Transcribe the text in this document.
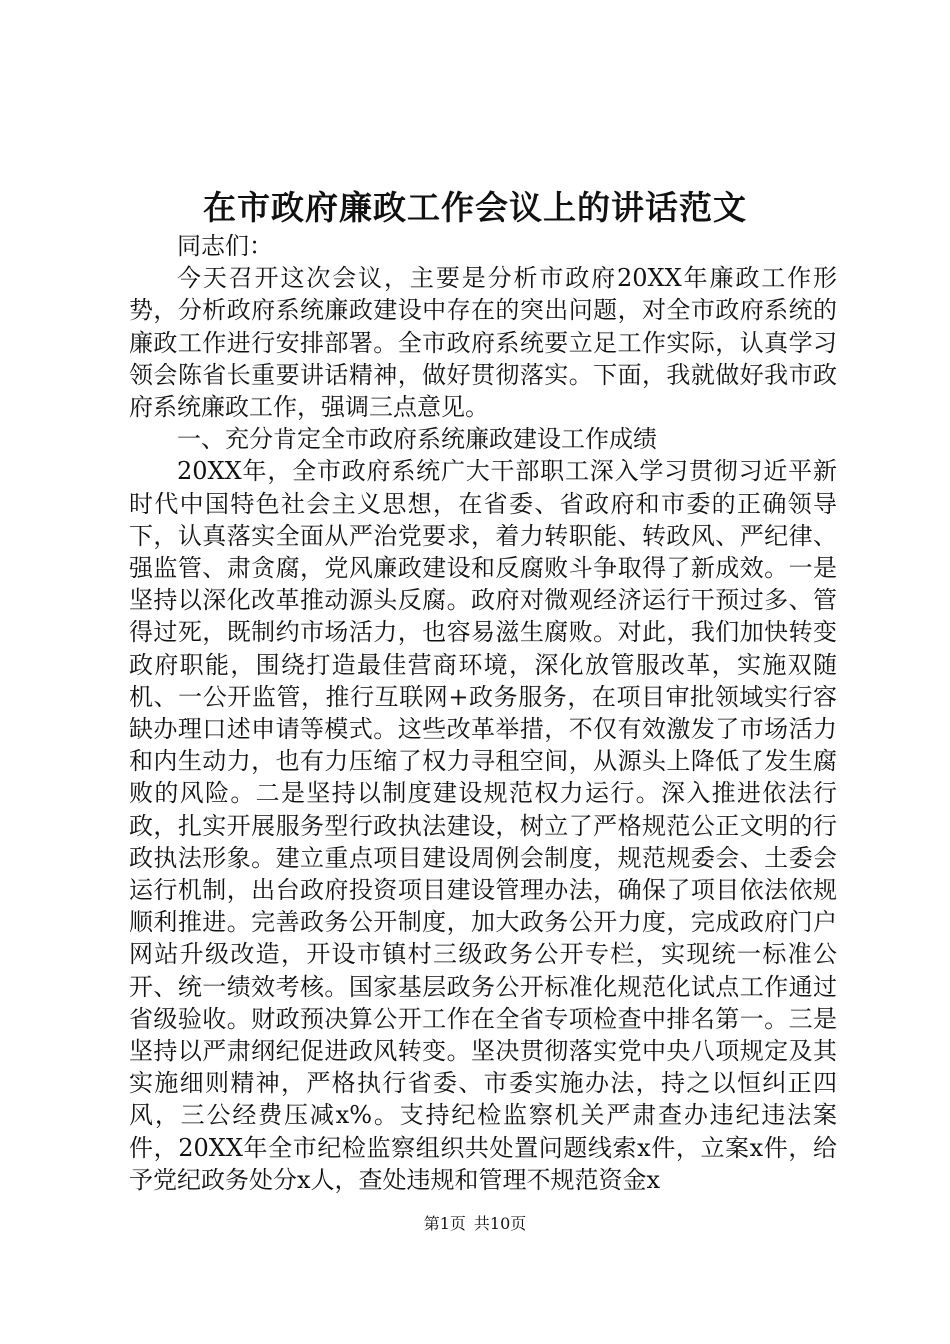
在市政府廉政工作会议上的讲话范文

同志们：

今天召开这次会议，主要是分析市政府20XX年廉政工作形势，分析政府系统廉政建设中存在的突出问题，对全市政府系统的廉政工作进行安排部署。全市政府系统要立足工作实际，认真学习领会陈省长重要讲话精神，做好贯彻落实。下面，我就做好我市政府系统廉政工作，强调三点意见。

一、充分肯定全市政府系统廉政建设工作成绩

20XX年，全市政府系统广大干部职工深入学习贯彻习近平新时代中国特色社会主义思想，在省委、省政府和市委的正确领导下，认真落实全面从严治党要求，着力转职能、转政风、严纪律、强监管、肃贪腐，党风廉政建设和反腐败斗争取得了新成效。一是坚持以深化改革推动源头反腐。政府对微观经济运行干预过多、管得过死，既制约市场活力，也容易滋生腐败。对此，我们加快转变政府职能，围绕打造最佳营商环境，深化放管服改革，实施双随机、一公开监管，推行互联网+政务服务，在项目审批领域实行容缺办理口述申请等模式。这些改革举措，不仅有效激发了市场活力和内生动力，也有力压缩了权力寻租空间，从源头上降低了发生腐败的风险。二是坚持以制度建设规范权力运行。深入推进依法行政，扎实开展服务型行政执法建设，树立了严格规范公正文明的行政执法形象。建立重点项目建设周例会制度，规范规委会、土委会运行机制，出台政府投资项目建设管理办法，确保了项目依法依规顺利推进。完善政务公开制度，加大政务公开力度，完成政府门户网站升级改造，开设市镇村三级政务公开专栏，实现统一标准公开、统一绩效考核。国家基层政务公开标准化规范化试点工作通过省级验收。财政预决算公开工作在全省专项检查中排名第一。三是坚持以严肃纲纪促进政风转变。坚决贯彻落实党中央八项规定及其实施细则精神，严格执行省委、市委实施办法，持之以恒纠正四风，三公经费压减x%。支持纪检监察机关严肃查办违纪违法案件，20XX年全市纪检监察组织共处置问题线索x件，立案x件，给予党纪政务处分x人，查处违规和管理不规范资金x

第1页 共10页
